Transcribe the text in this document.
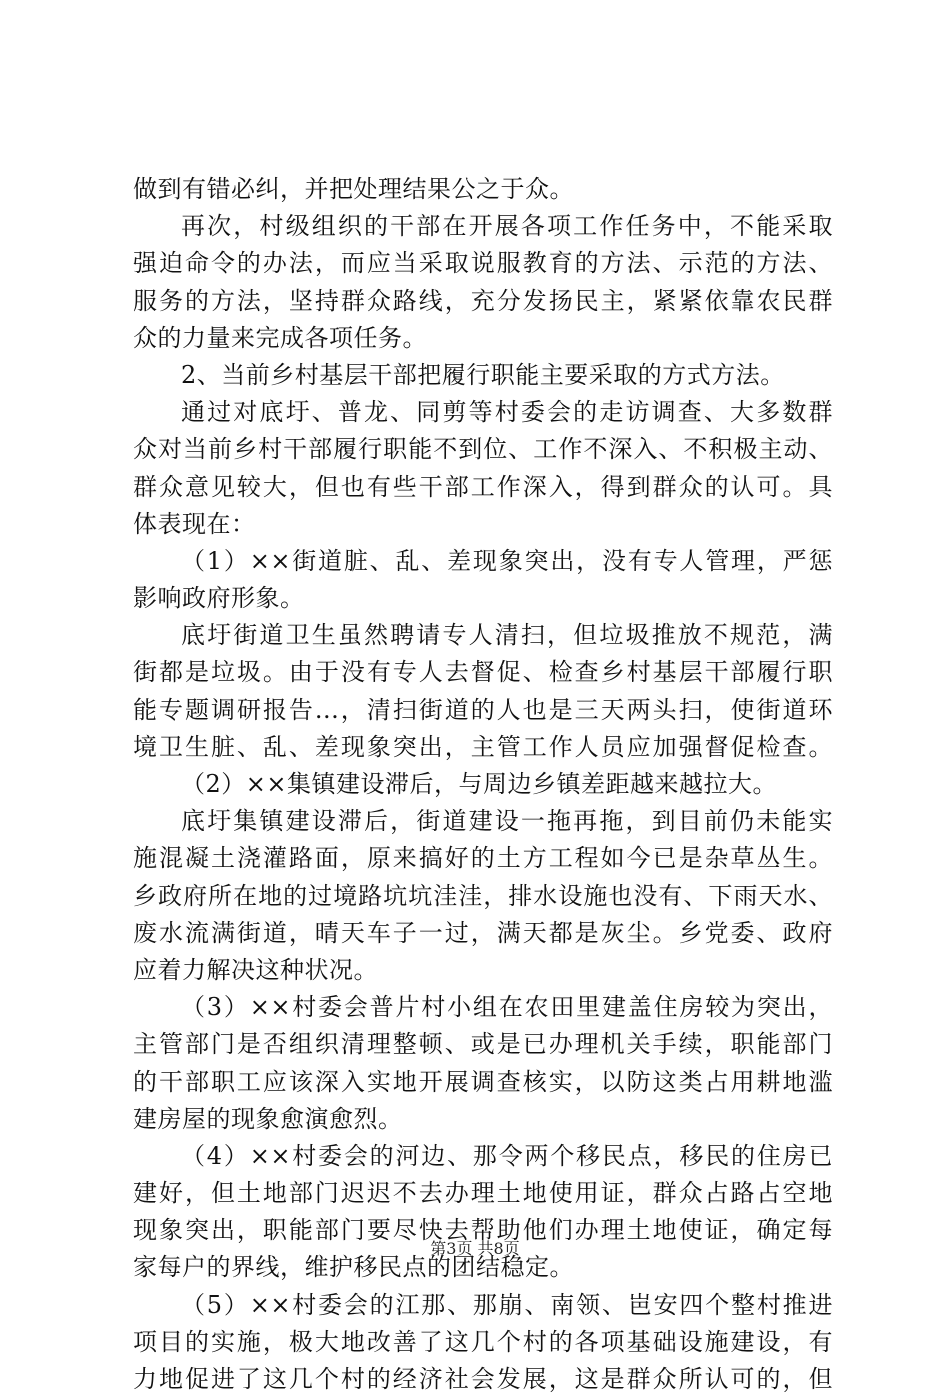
做到有错必纠，并把处理结果公之于众。
再次，村级组织的干部在开展各项工作任务中，不能采取
强迫命令的办法，而应当采取说服教育的方法、示范的方法、
服务的方法，坚持群众路线，充分发扬民主，紧紧依靠农民群
众的力量来完成各项任务。
2、当前乡村基层干部把履行职能主要采取的方式方法。
通过对底圩、普龙、同剪等村委会的走访调查、大多数群
众对当前乡村干部履行职能不到位、工作不深入、不积极主动、
群众意见较大，但也有些干部工作深入，得到群众的认可。具
体表现在：
（1）××街道脏、乱、差现象突出，没有专人管理，严惩
影响政府形象。
底圩街道卫生虽然聘请专人清扫，但垃圾推放不规范，满
街都是垃圾。由于没有专人去督促、检查乡村基层干部履行职
能专题调研报告...，清扫街道的人也是三天两头扫，使街道环
境卫生脏、乱、差现象突出，主管工作人员应加强督促检查。
（2）××集镇建设滞后，与周边乡镇差距越来越拉大。
底圩集镇建设滞后，街道建设一拖再拖，到目前仍未能实
施混凝土浇灌路面，原来搞好的土方工程如今已是杂草丛生。
乡政府所在地的过境路坑坑洼洼，排水设施也没有、下雨天水、
废水流满街道，晴天车子一过，满天都是灰尘。乡党委、政府
应着力解决这种状况。
（3）××村委会普片村小组在农田里建盖住房较为突出，
主管部门是否组织清理整顿、或是已办理机关手续，职能部门
的干部职工应该深入实地开展调查核实，以防这类占用耕地滥
建房屋的现象愈演愈烈。
（4）××村委会的河边、那令两个移民点，移民的住房已
建好，但土地部门迟迟不去办理土地使用证，群众占路占空地
现象突出，职能部门要尽快去帮助他们办理土地使证，确定每
家每户的界线，维护移民点的团结稳定。
（5）××村委会的江那、那崩、南领、岜安四个整村推进
项目的实施，极大地改善了这几个村的各项基础设施建设，有
力地促进了这几个村的经济社会发展，这是群众所认可的，但
第3页 共8页
